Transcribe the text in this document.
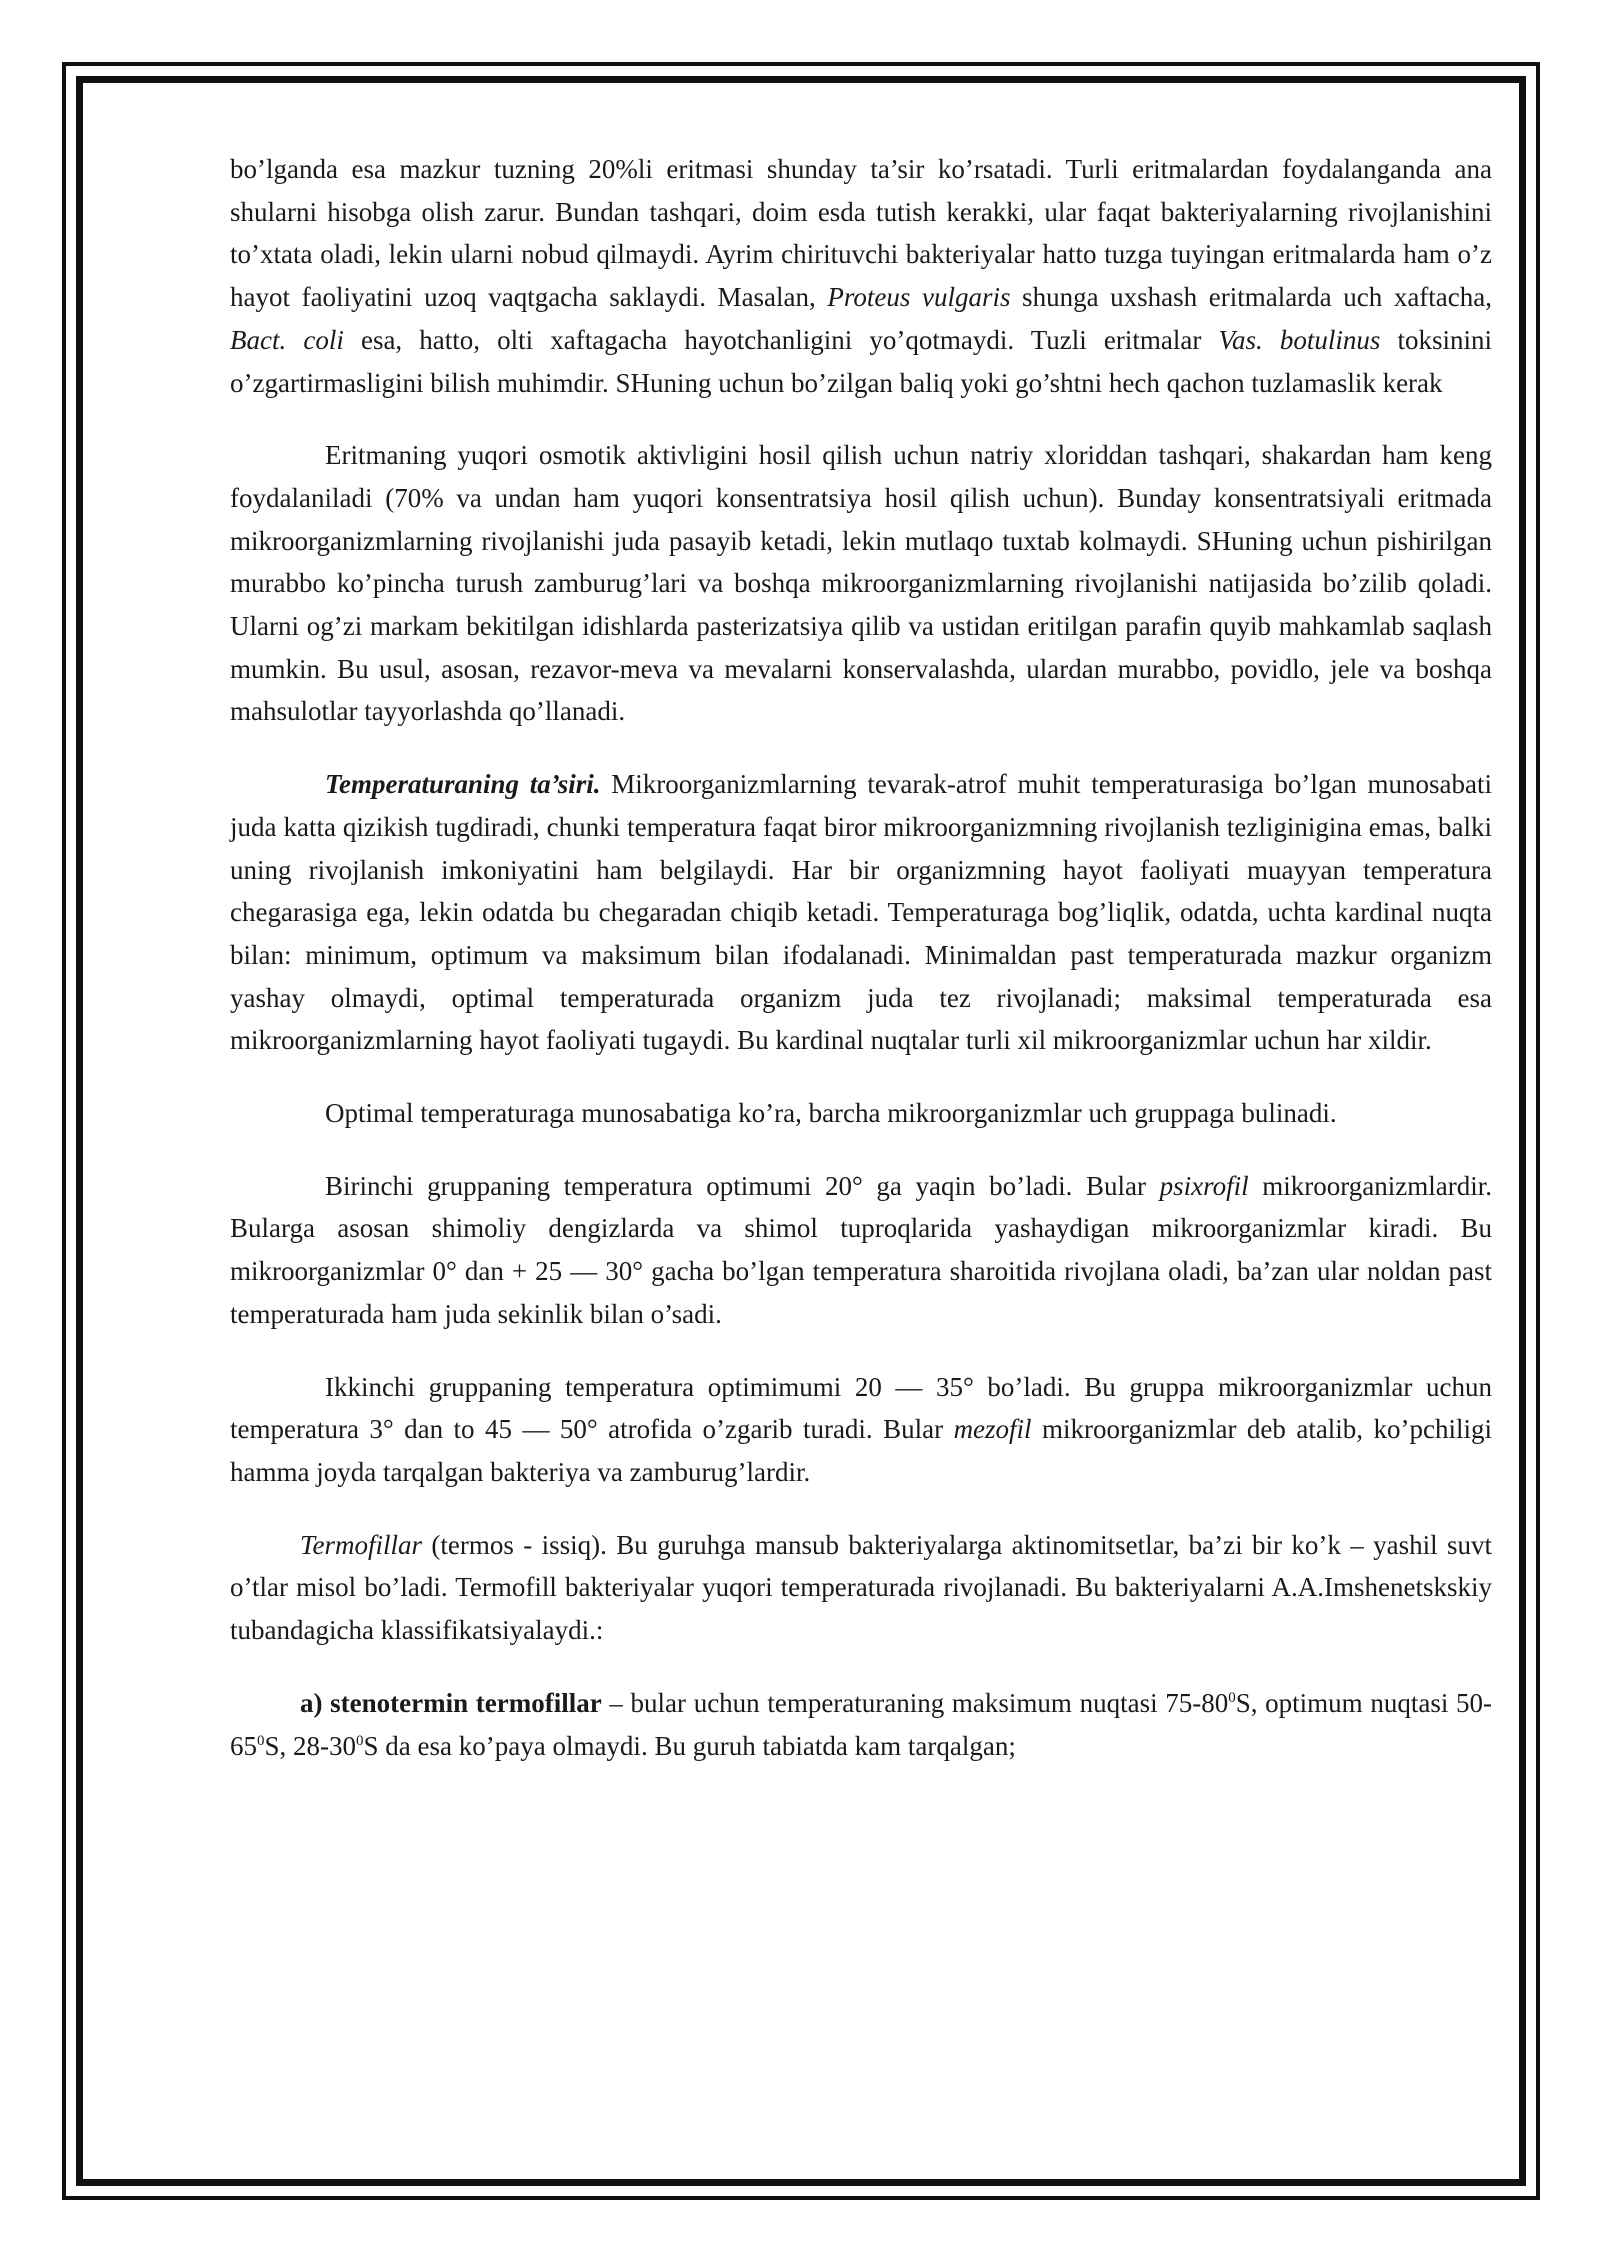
bo’lganda esa mazkur tuzning 20%li eritmasi shunday ta’sir ko’rsatadi. Turli eritmalardan foydalanganda ana shularni hisobga olish zarur. Bundan tashqari, doim esda tutish kerakki, ular faqat bakteriyalarning rivojlanishini to’xtata oladi, lekin ularni nobud qilmaydi. Ayrim chirituvchi bakteriyalar hatto tuzga tuyingan eritmalarda ham o’z hayot faoliyatini uzoq vaqtgacha saklaydi. Masalan, Proteus vulgaris shunga uxshash eritmalarda uch xaftacha, Bact. coli esa, hatto, olti xaftagacha hayotchanligini yo’qotmaydi. Tuzli eritmalar Vas. botulinus toksinini o’zgartirmasligini bilish muhimdir. SHuning uchun bo’zilgan baliq yoki go’shtni hech qachon tuzlamaslik kerak

Eritmaning yuqori osmotik aktivligini hosil qilish uchun natriy xloriddan tashqari, shakardan ham keng foydalaniladi (70% va undan ham yuqori konsentratsiya hosil qilish uchun). Bunday konsentratsiyali eritmada mikroorganizmlarning rivojlanishi juda pasayib ketadi, lekin mutlaqo tuxtab kolmaydi. SHuning uchun pishirilgan murabbo ko’pincha turush zamburug’lari va boshqa mikroorganizmlarning rivojlanishi natijasida bo’zilib qoladi. Ularni og’zi markam bekitilgan idishlarda pasterizatsiya qilib va ustidan eritilgan parafin quyib mahkamlab saqlash mumkin. Bu usul, asosan, rezavor-meva va mevalarni konservalashda, ulardan murabbo, povidlo, jele va boshqa mahsulotlar tayyorlashda qo’llanadi.

Temperaturaning ta’siri. Mikroorganizmlarning tevarak-atrof muhit temperaturasiga bo’lgan munosabati juda katta qizikish tugdiradi, chunki temperatura faqat biror mikroorganizmning rivojlanish tezliginigina emas, balki uning rivojlanish imkoniyatini ham belgilaydi. Har bir organizmning hayot faoliyati muayyan temperatura chegarasiga ega, lekin odatda bu chegaradan chiqib ketadi. Temperaturaga bog’liqlik, odatda, uchta kardinal nuqta bilan: minimum, optimum va maksimum bilan ifodalanadi. Minimaldan past temperaturada mazkur organizm yashay olmaydi, optimal temperaturada organizm juda tez rivojlanadi; maksimal temperaturada esa mikroorganizmlarning hayot faoliyati tugaydi. Bu kardinal nuqtalar turli xil mikroorganizmlar uchun har xildir.

Optimal temperaturaga munosabatiga ko’ra, barcha mikroorganizmlar uch gruppaga bulinadi.

Birinchi gruppaning temperatura optimumi 20° ga yaqin bo’ladi. Bular psixrofil mikroorganizmlardir. Bularga asosan shimoliy dengizlarda va shimol tuproqlarida yashaydigan mikroorganizmlar kiradi. Bu mikroorganizmlar 0° dan + 25 — 30° gacha bo’lgan temperatura sharoitida rivojlana oladi, ba’zan ular noldan past temperaturada ham juda sekinlik bilan o’sadi.

Ikkinchi gruppaning temperatura optimimumi 20 — 35° bo’ladi. Bu gruppa mikroorganizmlar uchun temperatura 3° dan to 45 — 50° atrofida o’zgarib turadi. Bular mezofil mikroorganizmlar deb atalib, ko’pchiligi hamma joyda tarqalgan bakteriya va zamburug’lardir.

Termofillar (termos - issiq). Bu guruhga mansub bakteriyalarga aktinomitsetlar, ba’zi bir ko’k – yashil suvt o’tlar misol bo’ladi. Termofill bakteriyalar yuqori temperaturada rivojlanadi. Bu bakteriyalarni A.A.Imshenetskskiy tubandagicha klassifikatsiyalaydi.:

a) stenotermin termofillar – bular uchun temperaturaning maksimum nuqtasi $75-80^0S$, optimum nuqtasi $50-65^0S$, $28-30^0S$ da esa ko’paya olmaydi. Bu guruh tabiatda kam tarqalgan;
